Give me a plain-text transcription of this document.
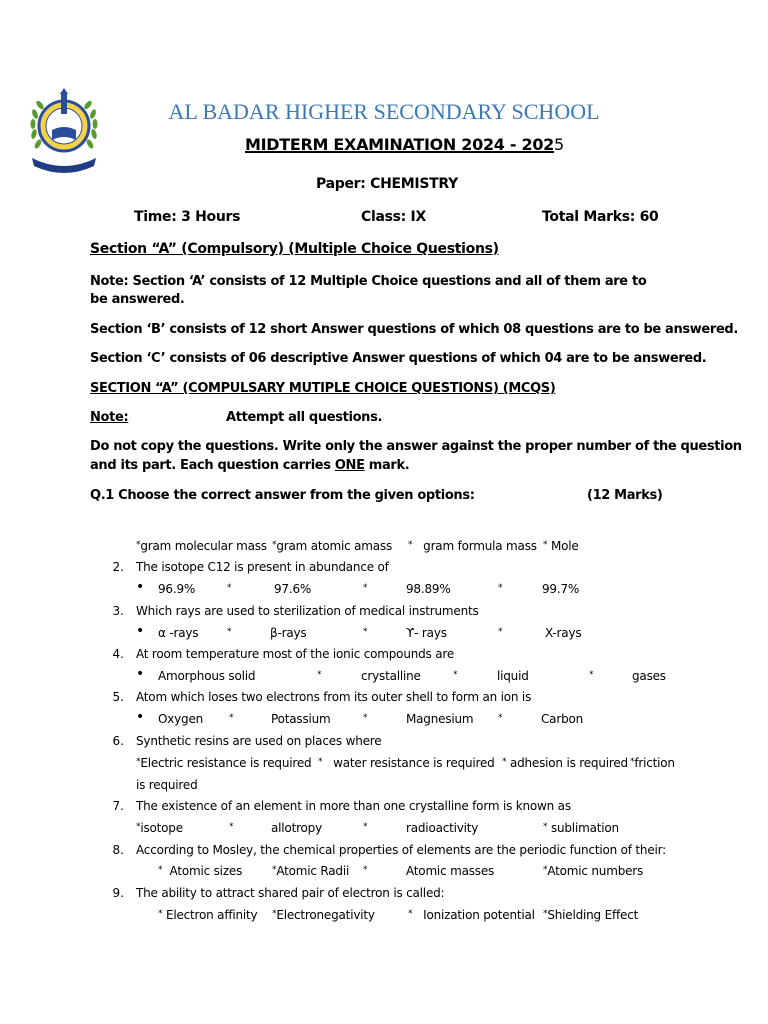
AL BADAR HIGHER SECONDARY SCHOOL
MIDTERM EXAMINATION 2024 - 2025
Paper: CHEMISTRY
Time: 3 Hours	Class: IX	Total Marks: 60
Section “A” (Compulsory) (Multiple Choice Questions)
Note: Section ‘A’ consists of 12 Multiple Choice questions and all of them are to be answered.
Section ‘B’ consists of 12 short Answer questions of which 08 questions are to be answered.
Section ‘C’ consists of 06 descriptive Answer questions of which 04 are to be answered.
SECTION “A” (COMPULSARY MUTIPLE CHOICE QUESTIONS) (MCQS)
Note:	Attempt all questions.
Do not copy the questions. Write only the answer against the proper number of the question
and its part. Each question carries ONE mark.
Q.1 Choose the correct answer from the given options:	(12 Marks)
*gram molecular mass *gram atomic amass * gram formula mass * Mole
2. The isotope C12 is present in abundance of
• 96.9%	*	97.6%	*	98.89%	*	99.7%
3. Which rays are used to sterilization of medical instruments
• α -rays	*	β-rays	*	ϒ- rays	*	X-rays
4. At room temperature most of the ionic compounds are
• Amorphous solid	*	crystalline	*	liquid	*	gases
5. Atom which loses two electrons from its outer shell to form an ion is
• Oxygen	*	Potassium	*	Magnesium	*	Carbon
6. Synthetic resins are used on places where
*Electric resistance is required * water resistance is required * adhesion is required *friction
is required
7. The existence of an element in more than one crystalline form is known as
*isotope	*	allotropy	*	radioactivity	* sublimation
8. According to Mosley, the chemical properties of elements are the periodic function of their:
* Atomic sizes	*Atomic Radii *	Atomic masses	*Atomic numbers
9. The ability to attract shared pair of electron is called:
* Electron affinity *Electronegativity	* Ionization potential *Shielding Effect
